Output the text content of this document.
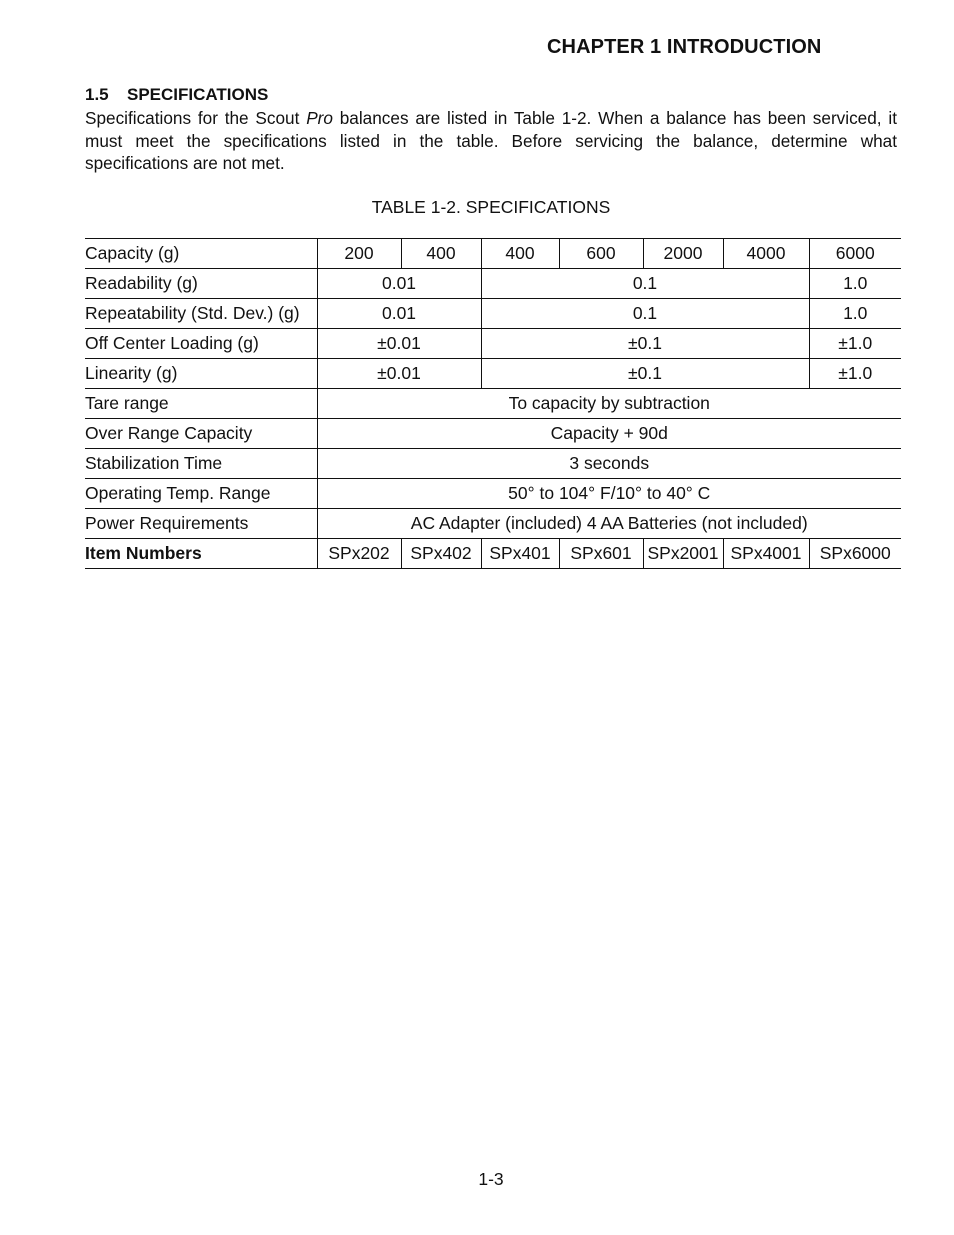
CHAPTER 1 INTRODUCTION
1.5 SPECIFICATIONS
Specifications for the Scout Pro balances are listed in Table 1-2. When a balance has been serviced, it must meet the specifications listed in the table. Before servicing the balance, determine what specifications are not met.
TABLE 1-2. SPECIFICATIONS
Capacity (g)	200	400	400	600	2000	4000	6000
Readability (g)	0.01		0.1				1.0
Repeatability (Std. Dev.) (g)	0.01		0.1				1.0
Off Center Loading (g)	±0.01		±0.1				±1.0
Linearity (g)	±0.01		±0.1				±1.0
Tare range	To capacity by subtraction						
Over Range Capacity	Capacity + 90d						
Stabilization Time	3 seconds						
Operating Temp. Range	50° to 104° F/10° to 40° C						
Power Requirements	AC Adapter (included) 4 AA Batteries (not included)						
Item Numbers	SPx202	SPx402	SPx401	SPx601	SPx2001	SPx4001	SPx6000
1-3
